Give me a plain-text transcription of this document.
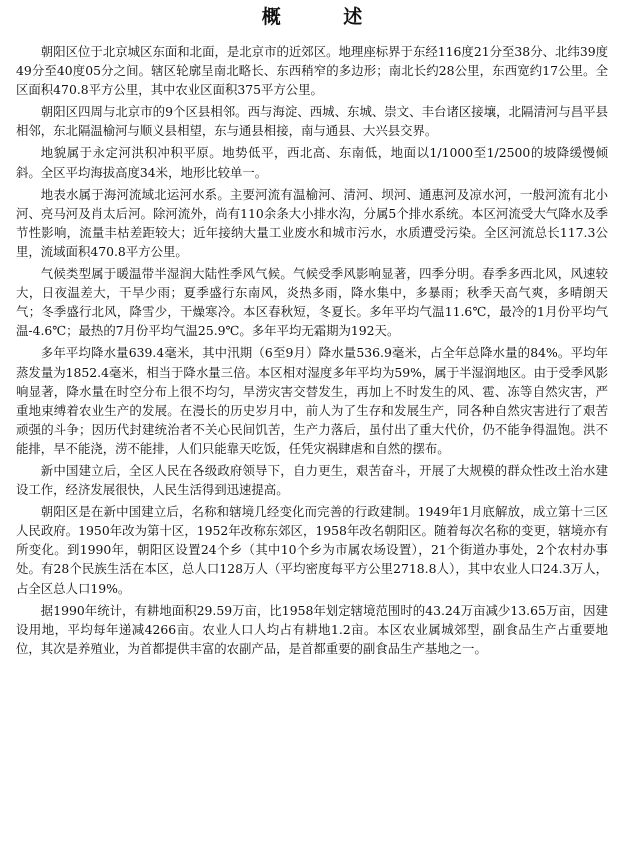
概 述

朝阳区位于北京城区东面和北面，是北京市的近郊区。地理座标界于东经116度21分至38分、北纬39度49分至40度05分之间。辖区轮廓呈南北略长、东西稍窄的多边形；南北长约28公里，东西宽约17公里。全区面积470.8平方公里，其中农业区面积375平方公里。

朝阳区四周与北京市的9个区县相邻。西与海淀、西城、东城、崇文、丰台诸区接壤，北隔清河与昌平县相邻，东北隔温榆河与顺义县相望，东与通县相接，南与通县、大兴县交界。

地貌属于永定河洪积冲积平原。地势低平，西北高、东南低，地面以1/1000至1/2500的坡降缓慢倾斜。全区平均海拔高度34米，地形比较单一。

地表水属于海河流域北运河水系。主要河流有温榆河、清河、坝河、通惠河及凉水河，一般河流有北小河、亮马河及肖太后河。除河流外，尚有110余条大小排水沟，分属5个排水系统。本区河流受大气降水及季节性影响，流量丰枯差距较大；近年接纳大量工业废水和城市污水，水质遭受污染。全区河流总长117.3公里，流域面积470.8平方公里。

气候类型属于暖温带半湿润大陆性季风气候。气候受季风影响显著，四季分明。春季多西北风，风速较大，日夜温差大，干旱少雨；夏季盛行东南风，炎热多雨，降水集中，多暴雨；秋季天高气爽，多晴朗天气；冬季盛行北风，降雪少，干燥寒冷。本区春秋短，冬夏长。多年平均气温11.6℃，最冷的1月份平均气温-4.6℃；最热的7月份平均气温25.9℃。多年平均无霜期为192天。

多年平均降水量639.4毫米，其中汛期（6至9月）降水量536.9毫米，占全年总降水量的84%。平均年蒸发量为1852.4毫米，相当于降水量三倍。本区相对湿度多年平均为59%，属于半湿润地区。由于受季风影响显著，降水量在时空分布上很不均匀，旱涝灾害交替发生，再加上不时发生的风、雹、冻等自然灾害，严重地束缚着农业生产的发展。在漫长的历史岁月中，前人为了生存和发展生产，同各种自然灾害进行了艰苦顽强的斗争；因历代封建统治者不关心民间饥苦，生产力落后，虽付出了重大代价，仍不能争得温饱。洪不能排，旱不能浇，涝不能排，人们只能靠天吃饭，任凭灾祸肆虐和自然的摆布。

新中国建立后，全区人民在各级政府领导下，自力更生，艰苦奋斗，开展了大规模的群众性改土治水建设工作，经济发展很快，人民生活得到迅速提高。

朝阳区是在新中国建立后，名称和辖境几经变化而完善的行政建制。1949年1月底解放，成立第十三区人民政府。1950年改为第十区，1952年改称东郊区，1958年改名朝阳区。随着每次名称的变更，辖境亦有所变化。到1990年，朝阳区设置24个乡（其中10个乡为市属农场设置），21个街道办事处，2个农村办事处。有28个民族生活在本区，总人口128万人（平均密度每平方公里2718.8人），其中农业人口24.3万人，占全区总人口19%。

据1990年统计，有耕地面积29.59万亩，比1958年划定辖境范围时的43.24万亩减少13.65万亩，因建设用地，平均每年递减4266亩。农业人口人均占有耕地1.2亩。本区农业属城郊型，副食品生产占重要地位，其次是养殖业，为首都提供丰富的农副产品，是首都重要的副食品生产基地之一。
